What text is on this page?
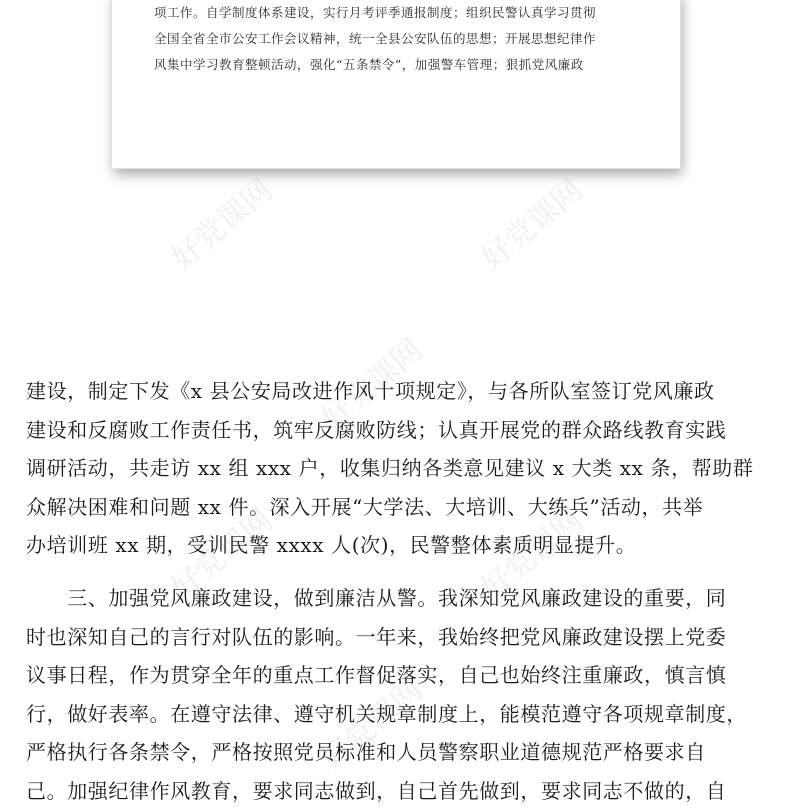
好党课网	好党课网
好党课网
好党课网	好党课网
好党课网

项工作。自学制度体系建设，实行月考评季通报制度；组织民警认真学习贯彻
全国全省全市公安工作会议精神，统一全县公安队伍的思想；开展思想纪律作
风集中学习教育整顿活动，强化“五条禁令”，加强警车管理；狠抓党风廉政

建设，制定下发《x 县公安局改进作风十项规定》，与各所队室签订党风廉政
建设和反腐败工作责任书，筑牢反腐败防线；认真开展党的群众路线教育实践
调研活动，共走访 xx 组 xxx 户，收集归纳各类意见建议 x 大类 xx 条，帮助群
众解决困难和问题 xx 件。深入开展“大学法、大培训、大练兵”活动，共举
办培训班 xx 期，受训民警 xxxx 人(次)，民警整体素质明显提升。
　　三、加强党风廉政建设，做到廉洁从警。我深知党风廉政建设的重要，同
时也深知自己的言行对队伍的影响。一年来，我始终把党风廉政建设摆上党委
议事日程，作为贯穿全年的重点工作督促落实，自己也始终注重廉政，慎言慎
行，做好表率。在遵守法律、遵守机关规章制度上，能模范遵守各项规章制度，
严格执行各条禁令，严格按照党员标准和人员警察职业道德规范严格要求自
己。加强纪律作风教育，要求同志做到，自己首先做到，要求同志不做的，自
